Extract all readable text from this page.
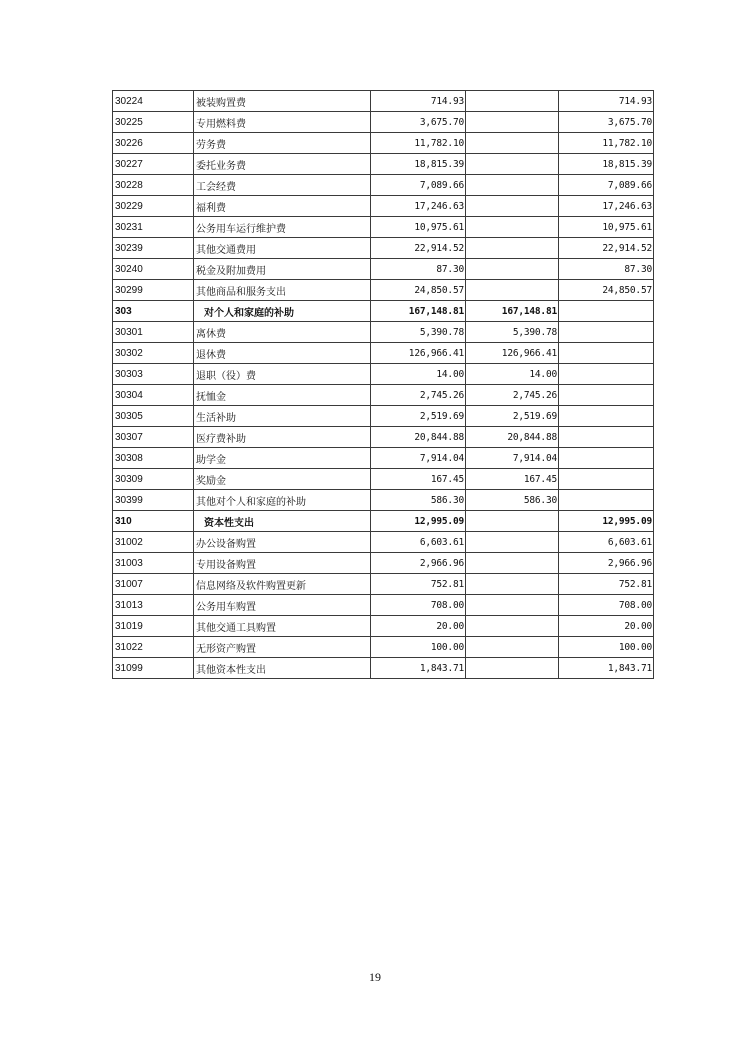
30224	被装购置费	714.93		714.93
30225	专用燃料费	3,675.70		3,675.70
30226	劳务费	11,782.10		11,782.10
30227	委托业务费	18,815.39		18,815.39
30228	工会经费	7,089.66		7,089.66
30229	福利费	17,246.63		17,246.63
30231	公务用车运行维护费	10,975.61		10,975.61
30239	其他交通费用	22,914.52		22,914.52
30240	税金及附加费用	87.30		87.30
30299	其他商品和服务支出	24,850.57		24,850.57
303	对个人和家庭的补助	167,148.81	167,148.81	
30301	离休费	5,390.78	5,390.78	
30302	退休费	126,966.41	126,966.41	
30303	退职（役）费	14.00	14.00	
30304	抚恤金	2,745.26	2,745.26	
30305	生活补助	2,519.69	2,519.69	
30307	医疗费补助	20,844.88	20,844.88	
30308	助学金	7,914.04	7,914.04	
30309	奖励金	167.45	167.45	
30399	其他对个人和家庭的补助	586.30	586.30	
310	资本性支出	12,995.09		12,995.09
31002	办公设备购置	6,603.61		6,603.61
31003	专用设备购置	2,966.96		2,966.96
31007	信息网络及软件购置更新	752.81		752.81
31013	公务用车购置	708.00		708.00
31019	其他交通工具购置	20.00		20.00
31022	无形资产购置	100.00		100.00
31099	其他资本性支出	1,843.71		1,843.71
19
